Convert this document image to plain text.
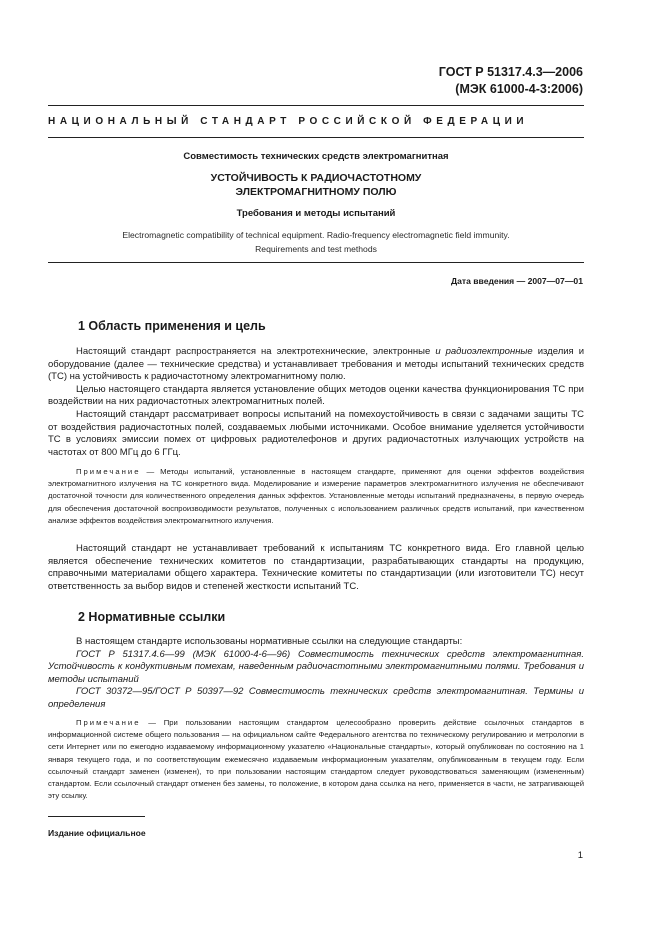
ГОСТ Р 51317.4.3—2006
(МЭК 61000-4-3:2006)
НАЦИОНАЛЬНЫЙ СТАНДАРТ РОССИЙСКОЙ ФЕДЕРАЦИИ
Совместимость технических средств электромагнитная
УСТОЙЧИВОСТЬ К РАДИОЧАСТОТНОМУ
ЭЛЕКТРОМАГНИТНОМУ ПОЛЮ
Требования и методы испытаний
Electromagnetic compatibility of technical equipment. Radio-frequency electromagnetic field immunity.
Requirements and test methods
Дата введения — 2007—07—01
1 Область применения и цель

Настоящий стандарт распространяется на электротехнические, электронные и радиоэлектронные изделия и оборудование (далее — технические средства) и устанавливает требования и методы испытаний технических средств (ТС) на устойчивость к радиочастотному электромагнитному полю.

Целью настоящего стандарта является установление общих методов оценки качества функционирования ТС при воздействии на них радиочастотных электромагнитных полей.

Настоящий стандарт рассматривает вопросы испытаний на помехоустойчивость в связи с задачами защиты ТС от воздействия радиочастотных полей, создаваемых любыми источниками. Особое внимание уделяется устойчивости ТС в условиях эмиссии помех от цифровых радиотелефонов и других радиочастотных излучающих устройств на частотах от 800 МГц до 6 ГГц.

Примечание — Методы испытаний, установленные в настоящем стандарте, применяют для оценки эффектов воздействия электромагнитного излучения на ТС конкретного вида. Моделирование и измерение параметров электромагнитного излучения не обеспечивают достаточной точности для количественного определения данных эффектов. Установленные методы испытаний предназначены, в первую очередь для обеспечения достаточной воспроизводимости результатов, полученных с использованием различных средств испытаний, при качественном анализе эффектов воздействия электромагнитного излучения.

Настоящий стандарт не устанавливает требований к испытаниям ТС конкретного вида. Его главной целью является обеспечение технических комитетов по стандартизации, разрабатывающих стандарты на продукцию, справочными материалами общего характера. Технические комитеты по стандартизации (или изготовители ТС) несут ответственность за выбор видов и степеней жесткости испытаний ТС.

2 Нормативные ссылки

В настоящем стандарте использованы нормативные ссылки на следующие стандарты:

ГОСТ Р 51317.4.6—99 (МЭК 61000-4-6—96) Совместимость технических средств электромагнитная. Устойчивость к кондуктивным помехам, наведенным радиочастотными электромагнитными полями. Требования и методы испытаний

ГОСТ 30372—95/ГОСТ Р 50397—92 Совместимость технических средств электромагнитная. Термины и определения

Примечание — При пользовании настоящим стандартом целесообразно проверить действие ссылочных стандартов в информационной системе общего пользования — на официальном сайте Федерального агентства по техническому регулированию и метрологии в сети Интернет или по ежегодно издаваемому информационному указателю «Национальные стандарты», который опубликован по состоянию на 1 января текущего года, и по соответствующим ежемесячно издаваемым информационным указателям, опубликованным в текущем году. Если ссылочный стандарт заменен (изменен), то при пользовании настоящим стандартом следует руководствоваться заменяющим (измененным) стандартом. Если ссылочный стандарт отменен без замены, то положение, в котором дана ссылка на него, применяется в части, не затрагивающей эту ссылку.

Издание официальное
1
